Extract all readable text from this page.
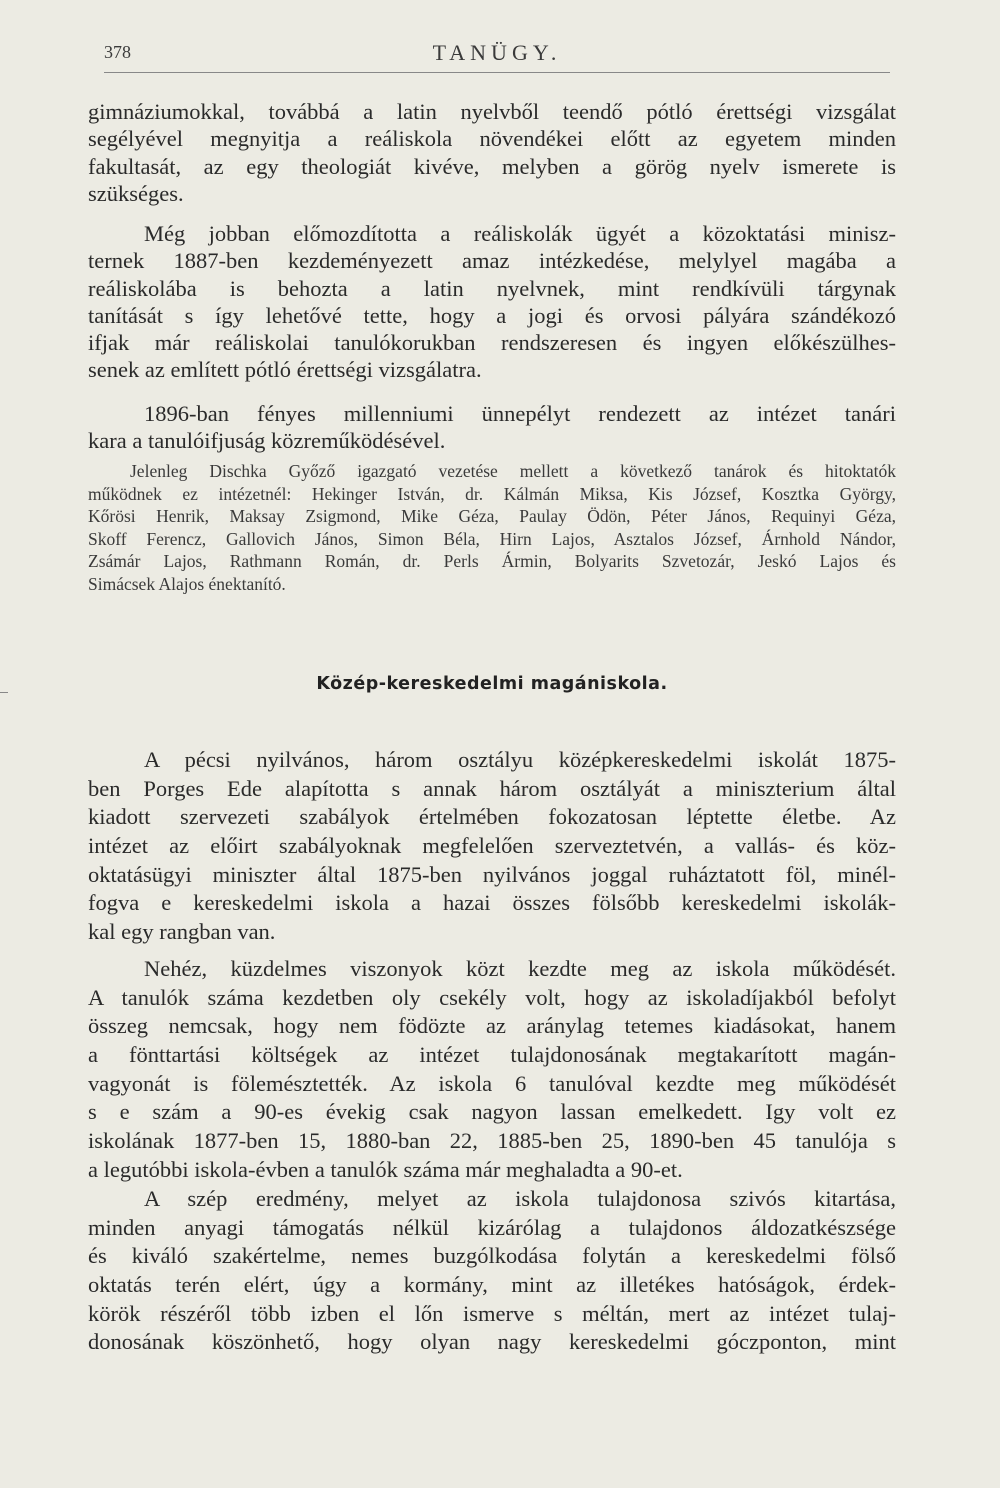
378	TANÜGY.
gimnáziumokkal, továbbá a latin nyelvből teendő pótló érettségi vizsgálat
segélyével megnyitja a reáliskola növendékei előtt az egyetem minden
fakultasát, az egy theologiát kivéve, melyben a görög nyelv ismerete is
szükséges.
Még jobban előmozdította a reáliskolák ügyét a közoktatási minisz-
ternek 1887-ben kezdeményezett amaz intézkedése, melylyel magába a
reáliskolába is behozta a latin nyelvnek, mint rendkívüli tárgynak
tanítását s így lehetővé tette, hogy a jogi és orvosi pályára szándékozó
ifjak már reáliskolai tanulókorukban rendszeresen és ingyen előkészülhes-
senek az említett pótló érettségi vizsgálatra.
1896-ban fényes millenniumi ünnepélyt rendezett az intézet tanári
kara a tanulóifjuság közreműködésével.
Jelenleg Dischka Győző igazgató vezetése mellett a következő tanárok és hitoktatók
működnek ez intézetnél: Hekinger István, dr. Kálmán Miksa, Kis József, Kosztka György,
Kőrösi Henrik, Maksay Zsigmond, Mike Géza, Paulay Ödön, Péter János, Requinyi Géza,
Skoff Ferencz, Gallovich János, Simon Béla, Hirn Lajos, Asztalos József, Árnhold Nándor,
Zsámár Lajos, Rathmann Román, dr. Perls Ármin, Bolyarits Szvetozár, Jeskó Lajos és
Simácsek Alajos énektanító.
Közép-kereskedelmi magániskola.
A pécsi nyilvános, három osztályu középkereskedelmi iskolát 1875-
ben Porges Ede alapította s annak három osztályát a miniszterium által
kiadott szervezeti szabályok értelmében fokozatosan léptette életbe. Az
intézet az előirt szabályoknak megfelelően szerveztetvén, a vallás- és köz-
oktatásügyi miniszter által 1875-ben nyilvános joggal ruháztatott föl, minél-
fogva e kereskedelmi iskola a hazai összes fölsőbb kereskedelmi iskolák-
kal egy rangban van.
Nehéz, küzdelmes viszonyok közt kezdte meg az iskola működését.
A tanulók száma kezdetben oly csekély volt, hogy az iskoladíjakból befolyt
összeg nemcsak, hogy nem födözte az aránylag tetemes kiadásokat, hanem
a fönttartási költségek az intézet tulajdonosának megtakarított magán-
vagyonát is fölemésztették. Az iskola 6 tanulóval kezdte meg működését
s e szám a 90-es évekig csak nagyon lassan emelkedett. Igy volt ez
iskolának 1877-ben 15, 1880-ban 22, 1885-ben 25, 1890-ben 45 tanulója s
a legutóbbi iskola-évben a tanulók száma már meghaladta a 90-et.
A szép eredmény, melyet az iskola tulajdonosa szivós kitartása,
minden anyagi támogatás nélkül kizárólag a tulajdonos áldozatkészsége
és kiváló szakértelme, nemes buzgólkodása folytán a kereskedelmi fölső
oktatás terén elért, úgy a kormány, mint az illetékes hatóságok, érdek-
körök részéről több izben el lőn ismerve s méltán, mert az intézet tulaj-
donosának köszönhető, hogy olyan nagy kereskedelmi góczponton, mint
